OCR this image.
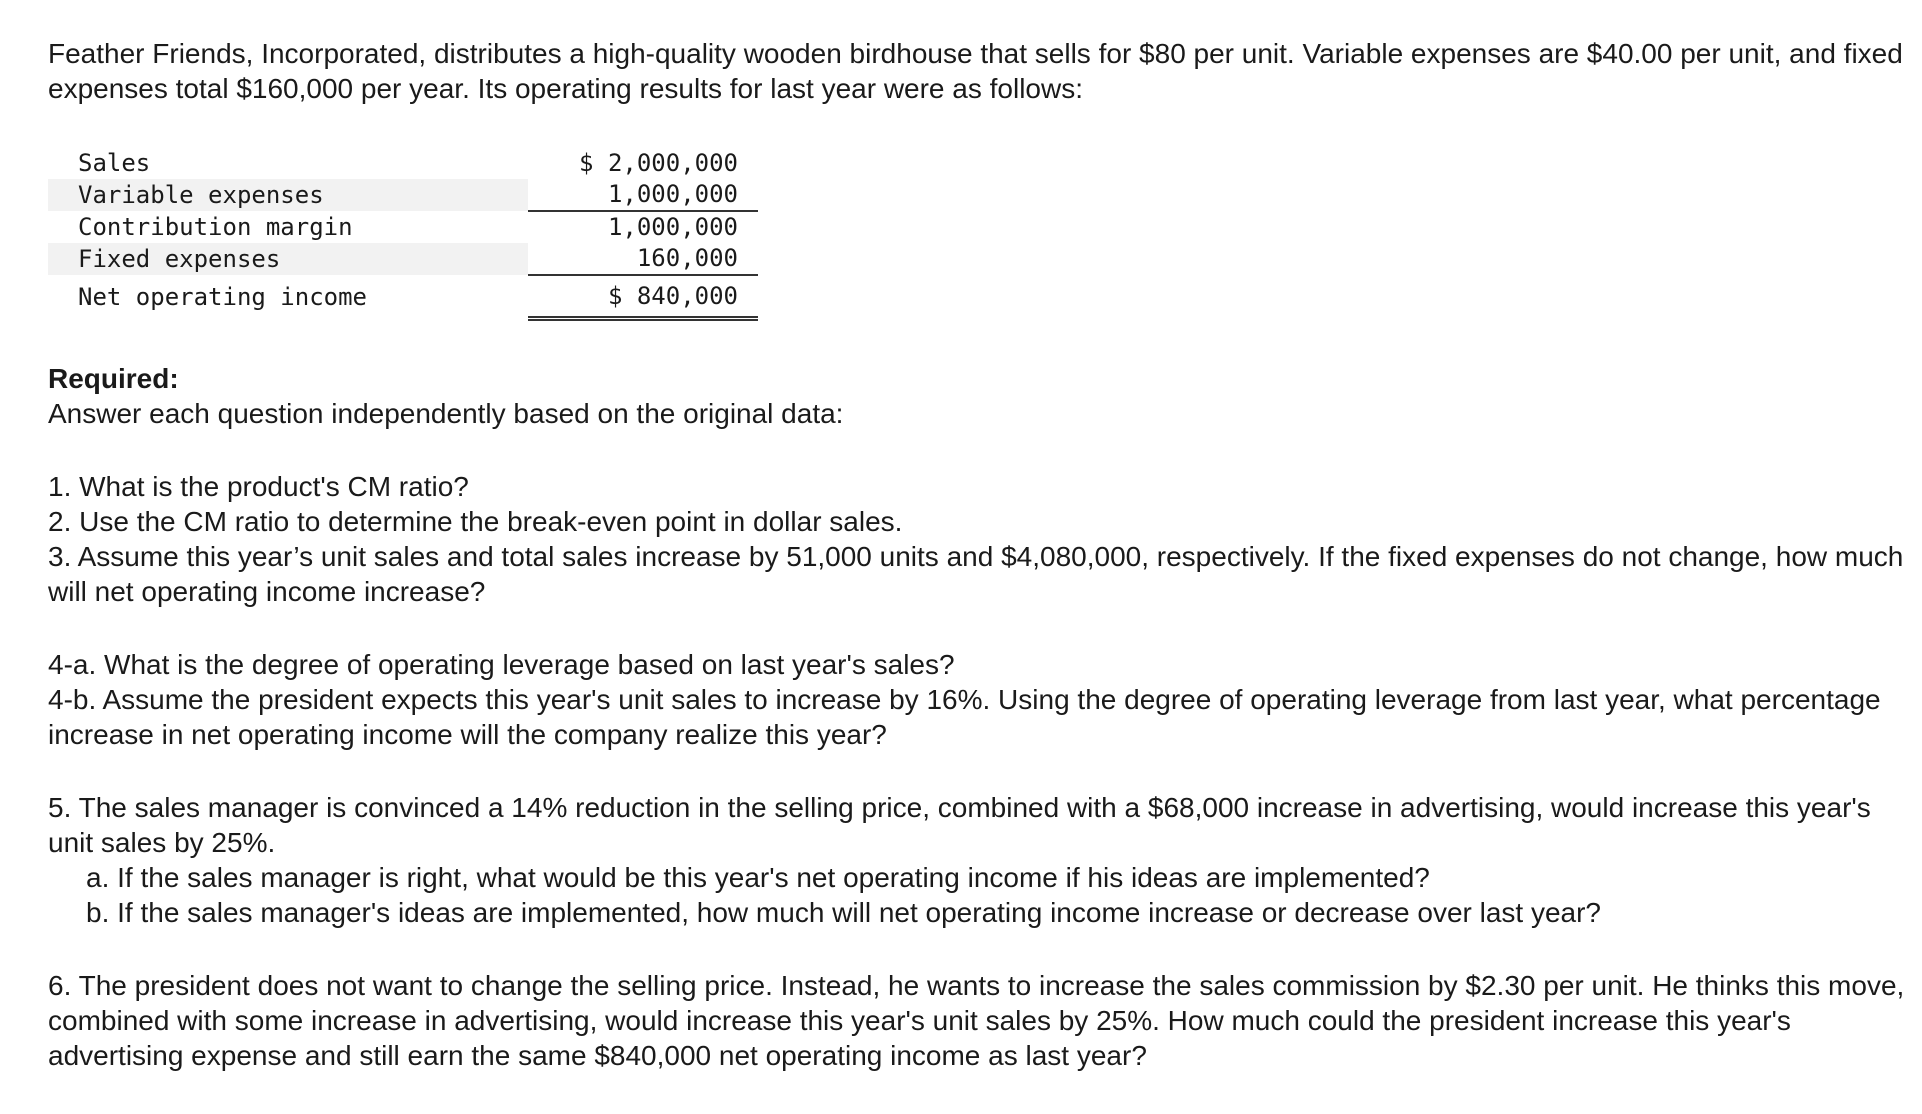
Feather Friends, Incorporated, distributes a high-quality wooden birdhouse that sells for $80 per unit. Variable expenses are $40.00 per unit, and fixed expenses total $160,000 per year. Its operating results for last year were as follows:

Sales	$ 2,000,000
Variable expenses	1,000,000
Contribution margin	1,000,000
Fixed expenses	160,000
Net operating income	$ 840,000

Required:

Answer each question independently based on the original data:

1. What is the product's CM ratio?

2. Use the CM ratio to determine the break-even point in dollar sales.

3. Assume this year’s unit sales and total sales increase by 51,000 units and $4,080,000, respectively. If the fixed expenses do not change, how much will net operating income increase?

4-a. What is the degree of operating leverage based on last year's sales?

4-b. Assume the president expects this year's unit sales to increase by 16%. Using the degree of operating leverage from last year, what percentage increase in net operating income will the company realize this year?

5. The sales manager is convinced a 14% reduction in the selling price, combined with a $68,000 increase in advertising, would increase this year's unit sales by 25%.

a. If the sales manager is right, what would be this year's net operating income if his ideas are implemented?

b. If the sales manager's ideas are implemented, how much will net operating income increase or decrease over last year?

6. The president does not want to change the selling price. Instead, he wants to increase the sales commission by $2.30 per unit. He thinks this move, combined with some increase in advertising, would increase this year's unit sales by 25%. How much could the president increase this year's advertising expense and still earn the same $840,000 net operating income as last year?
